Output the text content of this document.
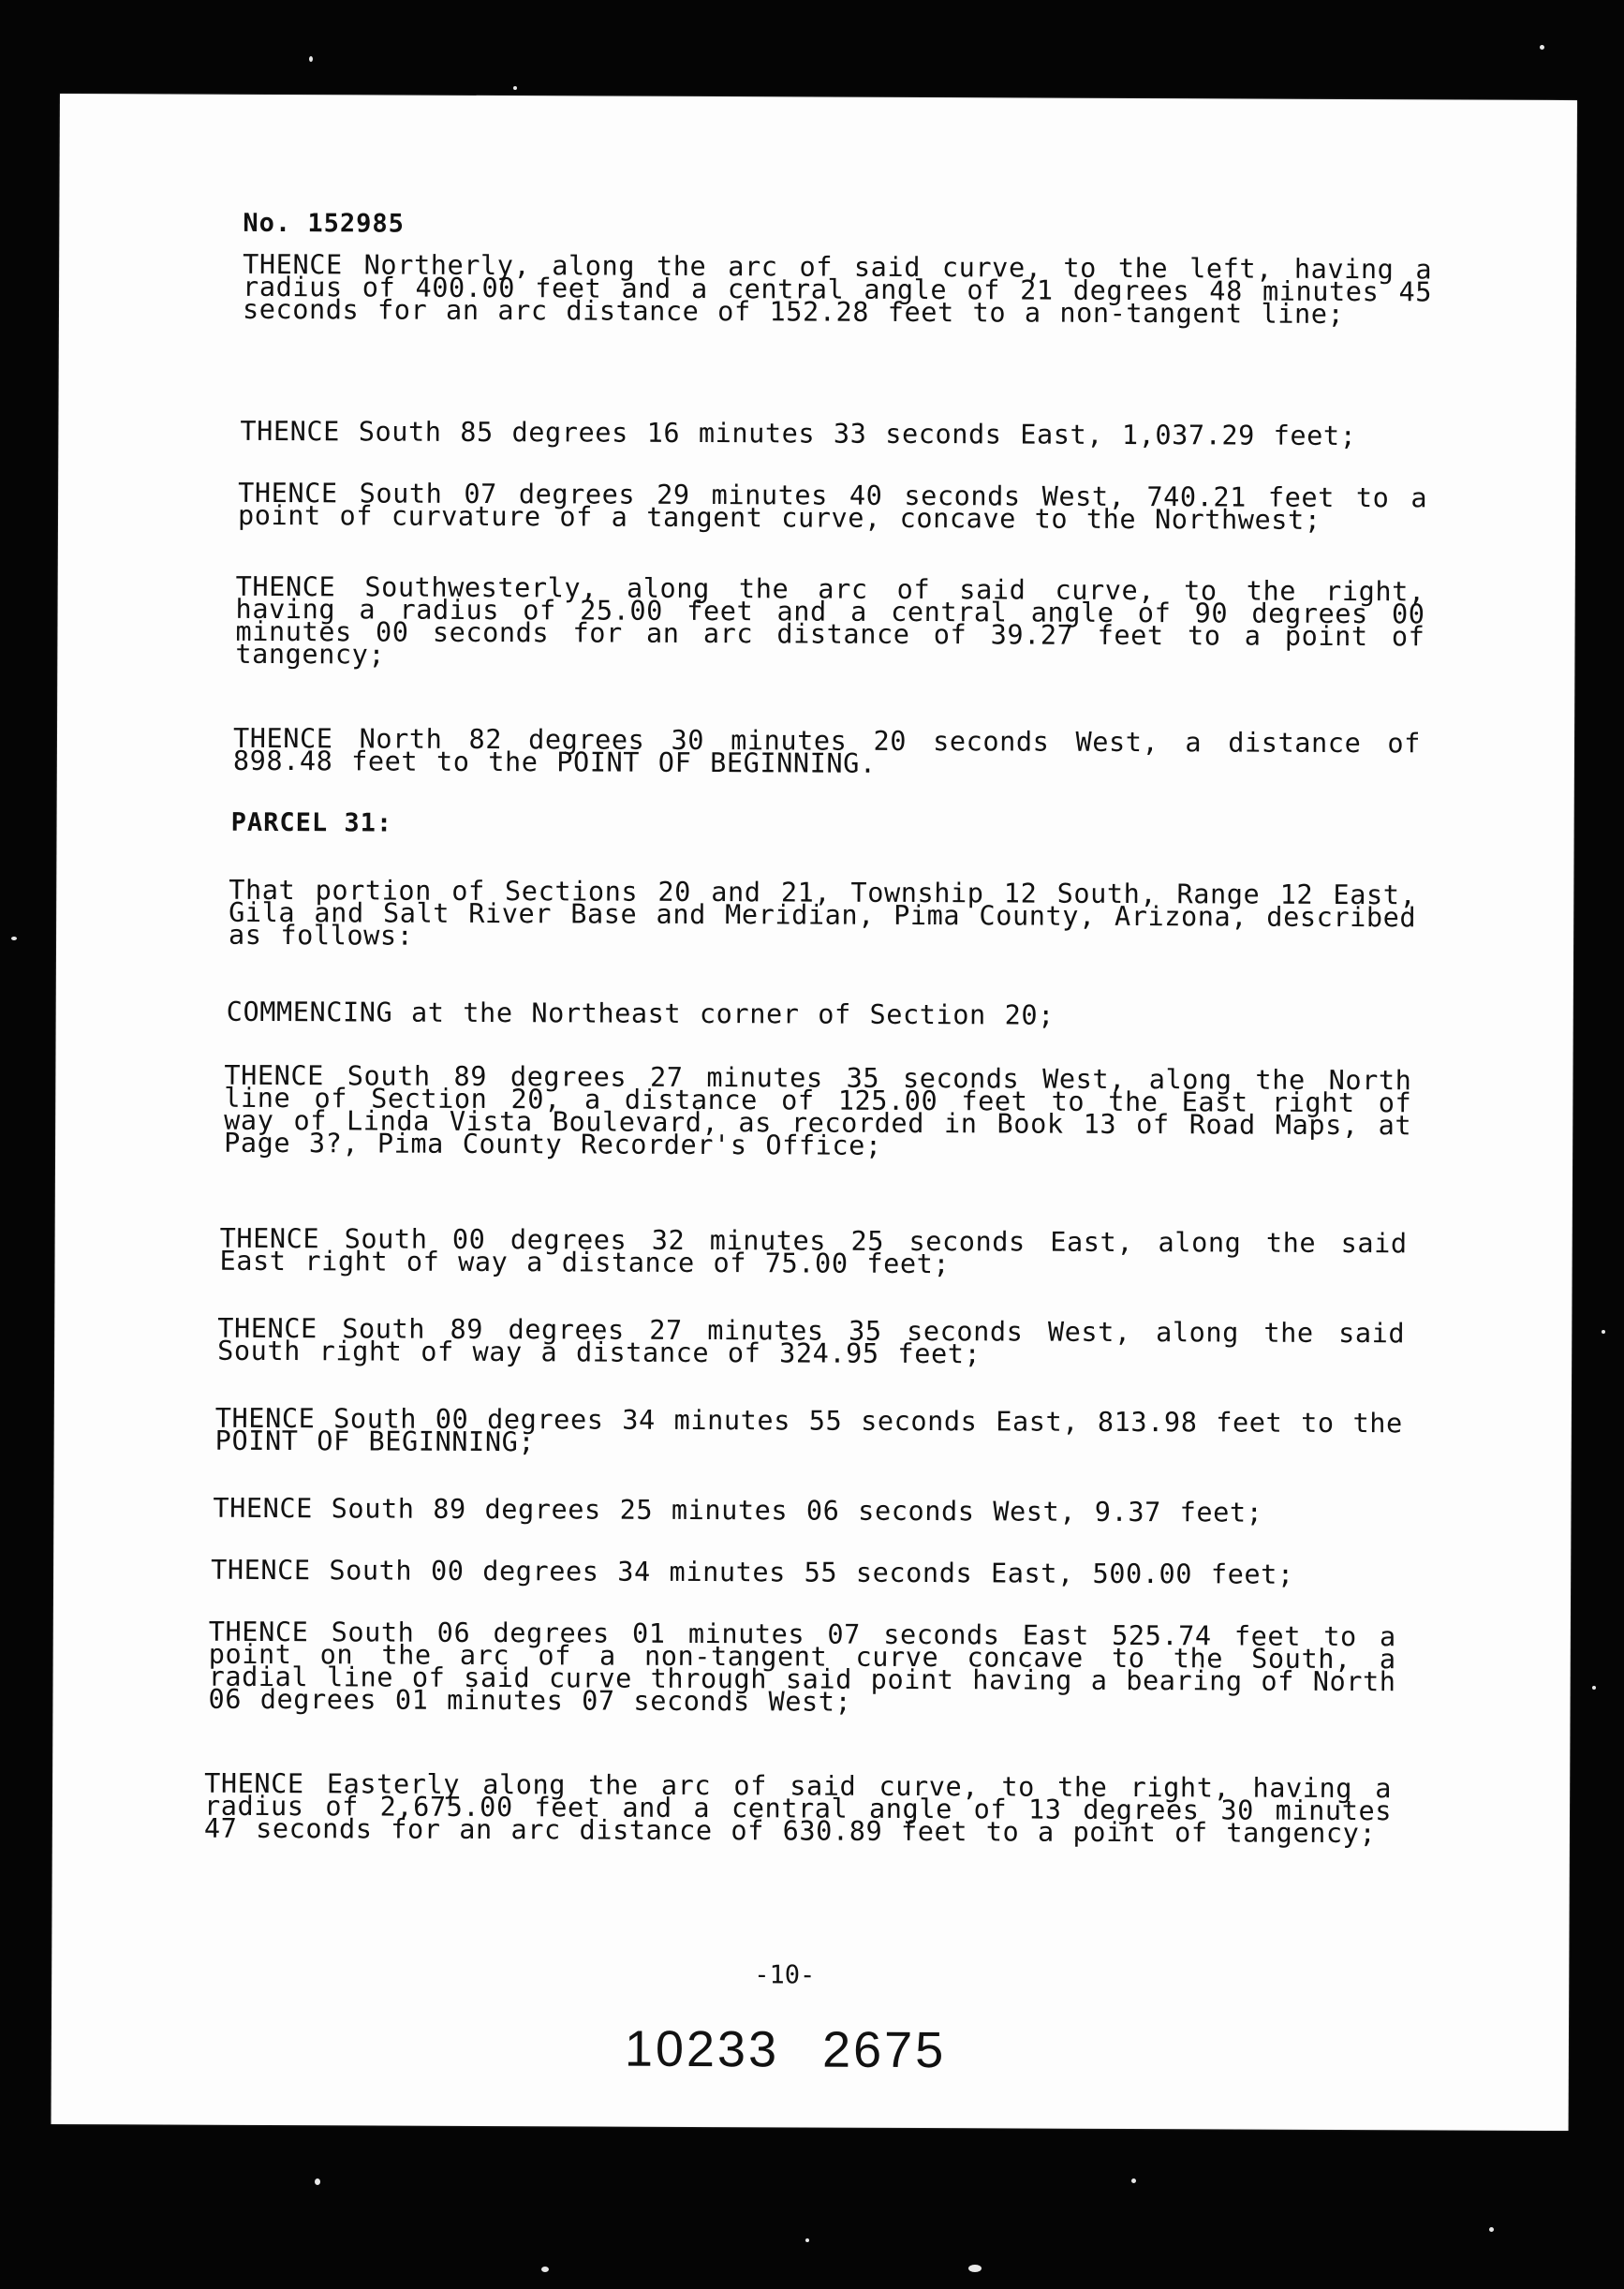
No. 152985

THENCE Northerly, along the arc of said curve, to the left, having a radius of 400.00 feet and a central angle of 21 degrees 48 minutes 45 seconds for an arc distance of 152.28 feet to a non-tangent line;

THENCE South 85 degrees 16 minutes 33 seconds East, 1,037.29 feet;

THENCE South 07 degrees 29 minutes 40 seconds West, 740.21 feet to a point of curvature of a tangent curve, concave to the Northwest;

THENCE Southwesterly, along the arc of said curve, to the right, having a radius of 25.00 feet and a central angle of 90 degrees 00 minutes 00 seconds for an arc distance of 39.27 feet to a point of tangency;

THENCE North 82 degrees 30 minutes 20 seconds West, a distance of 898.48 feet to the POINT OF BEGINNING.

PARCEL 31:

That portion of Sections 20 and 21, Township 12 South, Range 12 East, Gila and Salt River Base and Meridian, Pima County, Arizona, described as follows:

COMMENCING at the Northeast corner of Section 20;

THENCE South 89 degrees 27 minutes 35 seconds West, along the North line of Section 20, a distance of 125.00 feet to the East right of way of Linda Vista Boulevard, as recorded in Book 13 of Road Maps, at Page 3?, Pima County Recorder's Office;

THENCE South 00 degrees 32 minutes 25 seconds East, along the said East right of way a distance of 75.00 feet;

THENCE South 89 degrees 27 minutes 35 seconds West, along the said South right of way a distance of 324.95 feet;

THENCE South 00 degrees 34 minutes 55 seconds East, 813.98 feet to the POINT OF BEGINNING;

THENCE South 89 degrees 25 minutes 06 seconds West, 9.37 feet;

THENCE South 00 degrees 34 minutes 55 seconds East, 500.00 feet;

THENCE South 06 degrees 01 minutes 07 seconds East 525.74 feet to a point on the arc of a non-tangent curve concave to the South, a radial line of said curve through said point having a bearing of North 06 degrees 01 minutes 07 seconds West;

THENCE Easterly along the arc of said curve, to the right, having a radius of 2,675.00 feet and a central angle of 13 degrees 30 minutes 47 seconds for an arc distance of 630.89 feet to a point of tangency;

-10-
10233 2675
